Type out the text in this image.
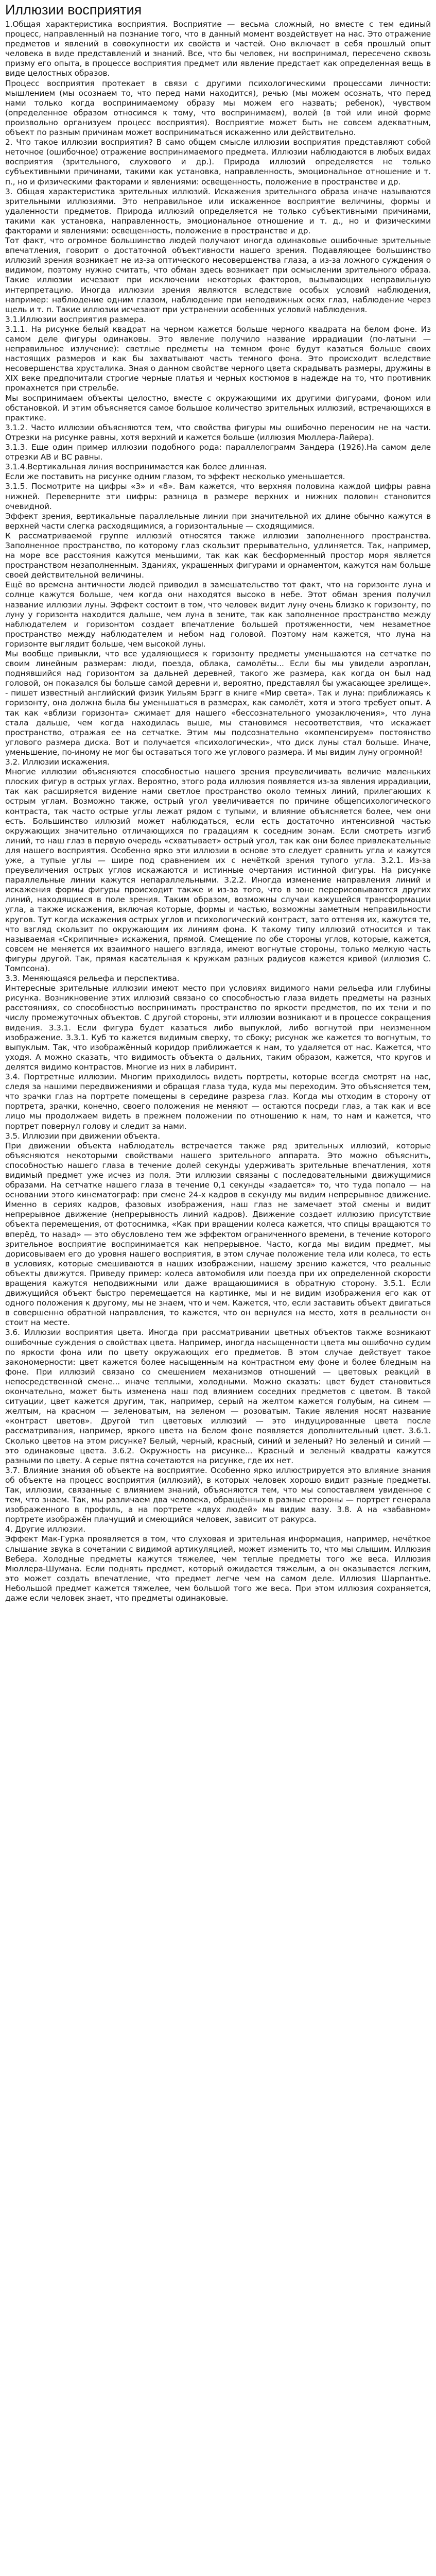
Иллюзии восприятия

1.Общая характеристика восприятия. Восприятие — весьма сложный, но вместе с тем единый процесс, направленный на познание того, что в данный момент воздействует на нас. Это отражение предметов и явлений в совокупности их свойств и частей. Оно включает в себя прошлый опыт человека в виде представлений и знаний. Все, что бы человек, ни воспринимал, пересечено сквозь призму его опыта, в процессе восприятия предмет или явление предстает как определенная вещь в виде целостных образов.

Процесс восприятия протекает в связи с другими психологическими процессами личности: мышлением (мы осознаем то, что перед нами находится), речью (мы можем осознать, что перед нами только когда воспринимаемому образу мы можем его назвать; ребенок), чувством (определенное образом относимся к тому, что воспринимаем), волей (в той или иной форме произвольно организуем процесс восприятия). Восприятие может быть не совсем адекватным, объект по разным причинам может восприниматься искаженно или действительно.

2. Что такое иллюзии восприятия? В само общем смысле иллюзии восприятия представляют собой неточное (ошибочное) отражение воспринимаемого предмета. Иллюзии наблюдаются в любых видах восприятия (зрительного, слухового и др.). Природа иллюзий определяется не только субъективными причинами, такими как установка, направленность, эмоциональное отношение и т. п., но и физическими факторами и явлениями: освещенность, положение в пространстве и др.

3. Общая характеристика зрительных иллюзий. Искажения зрительного образа иначе называются зрительными иллюзиями. Это неправильное или искаженное восприятие величины, формы и удаленности предметов. Природа иллюзий определяется не только субъективными причинами, такими как установка, направленность, эмоциональное отношение и т. д., но и физическими факторами и явлениями: освещенность, положение в пространстве и др.

Тот факт, что огромное большинство людей получают иногда одинаковые ошибочные зрительные впечатления, говорит о достаточной объективности нашего зрения. Подавляющее большинство иллюзий зрения возникает не из-за оптического несовершенства глаза, а из-за ложного суждения о видимом, поэтому нужно считать, что обман здесь возникает при осмыслении зрительного образа. Такие иллюзии исчезают при исключении некоторых факторов, вызывающих неправильную интерпретацию. Иногда иллюзии зрения являются вследствие особых условий наблюдения, например: наблюдение одним глазом, наблюдение при неподвижных осях глаз, наблюдение через щель и т. п. Такие иллюзии исчезают при устранении особенных условий наблюдения.

3.1.Иллюзии восприятия размера.

3.1.1. На рисунке белый квадрат на черном кажется больше черного квадрата на белом фоне. Из самом деле фигуры одинаковы. Это явление получило название иррадиации (по-латыни — неправильное излучение): светлые предметы на темном фоне будут казаться больше своих настоящих размеров и как бы захватывают часть темного фона. Это происходит вследствие несовершенства хрусталика. Зная о данном свойстве черного цвета скрадывать размеры, дружины в XIX веке предпочитали строгие черные платья и черных костюмов в надежде на то, что противник промахнется при стрельбе.

Мы воспринимаем объекты целостно, вместе с окружающими их другими фигурами, фоном или обстановкой. И этим объясняется самое большое количество зрительных иллюзий, встречающихся в практике.

3.1.2. Часто иллюзии объясняются тем, что свойства фигуры мы ошибочно переносим не на части. Отрезки на рисунке равны, хотя верхний и кажется больше (иллюзия Мюллера-Лайера).

3.1.3. Еще один пример иллюзии подобного рода: параллелограмм Зандера (1926).На самом деле отрезки АВ и ВС равны.

3.1.4.Вертикальная линия воспринимается как более длинная.

Если же поставить на рисунке одним глазом, то эффект несколько уменьшается.

3.1.5. Посмотрите на цифры «3» и «8». Вам кажется, что верхняя половина каждой цифры равна нижней. Переверните эти цифры: разница в размере верхних и нижних половин становится очевидной.

Эффект зрения, вертикальные параллельные линии при значительной их длине обычно кажутся в верхней части слегка расходящимися, а горизонтальные — сходящимися.

К рассматриваемой группе иллюзий относятся также иллюзии заполненного пространства. Заполненное пространство, по которому глаз скользит прерывательно, удлиняется. Так, например, на море все расстояния кажутся меньшими, так как как бесформенный простор моря является пространством незаполненным. Зданиях, украшенных фигурами и орнаментом, кажутся нам больше своей действительной величины.

Ещё во времена античности людей приводил в замешательство тот факт, что на горизонте луна и солнце кажутся больше, чем когда они находятся высоко в небе. Этот обман зрения получил название иллюзии луны. Эффект состоит в том, что человек видит луну очень близко к горизонту, по луну у горизонта находится дальше, чем луна в зените, так как заполненное пространство между наблюдателем и горизонтом создает впечатление большей протяженности, чем незаметное пространство между наблюдателем и небом над головой. Поэтому нам кажется, что луна на горизонте выглядит больше, чем высокой луны.

Мы вообще привыкли, что все удаляющиеся к горизонту предметы уменьшаются на сетчатке по своим линейным размерам: люди, поезда, облака, самолёты... Если бы мы увидели аэроплан, поднявшийся над горизонтом за дальней деревней, такого же размера, как когда он был над головой, он показался бы больше самой деревни и, вероятно, представлял бы ужасающее зрелище». - пишет известный английский физик Уильям Брэгг в книге «Мир света». Так и луна: приближаясь к горизонту, она должна была бы уменьшаться в размерах, как самолёт, хотя и этого требует опыт. А так как «вблизи горизонта» сжимает для нашего «бессознательного умозаключения», что луна стала дальше, чем когда находилась выше, мы становимся несоответствия, что искажает пространство, отражая ее на сетчатке. Этим мы подсознательно «компенсируем» постоянство углового размера диска. Вот и получается «психологически», что диск луны стал больше. Иначе, уменьшение, по-иному не мог бы оставаться того же углового размера. И мы видим луну огромной!

3.2. Иллюзии искажения.

Многие иллюзии объясняются способностью нашего зрения преувеличивать величие маленьких плоских фигур в острых углах. Вероятно, этого рода иллюзия появляется из-за явления иррадиации, так как расширяется видение нами светлое пространство около темных линий, прилегающих к острым углам. Возможно также, острый угол увеличивается по причине общепсихологического контраста, так часто острые углы лежат рядом с тупыми, и влияние объясняется более, чем они есть. Большинство иллюзий может наблюдаться, если есть достаточно интенсивной частью окружающих значительно отличающихся по градациям к соседним зонам. Если смотреть изгиб линий, то наш глаз в первую очередь «схватывает» острый угол, так как они более привлекательные для нашего восприятия. Особенно ярко эти иллюзии в основе это следует сравнить угла и кажутся уже, а тупые углы — шире под сравнением их с нечёткой зрения тупого угла. 3.2.1. Из-за преувеличения острых углов искажаются и истинные очертания истинной фигуры. На рисунке параллельные линии кажутся непараллельными. 3.2.2. Иногда изменение направления линий и искажения формы фигуры происходит также и из-за того, что в зоне перерисовываются других линий, находящиеся в поле зрения. Таким образом, возможны случаи кажущейся трансформации угла, а также искажения, включая которые, формы и частью, возможны заметным неправильности кругов. Тут когда искажения острых углов и психологический контраст, зато оттеняя их, кажутся те, что взгляд скользит по окружающим их линиям фона. К такому типу иллюзий относится и так называемая «Скрипичные» искажения, прямой. Смещение по обе стороны углов, которые, кажется, совсем не меняется их взаимного нашего взгляда, имеют вогнутые стороны, только мелкую часть фигуры другой. Так, прямая касательная к кружкам разных радиусов кажется кривой (иллюзия С. Томпсона).

3.3. Меняющаяся рельефа и перспектива.

Интересные зрительные иллюзии имеют место при условиях видимого нами рельефа или глубины рисунка. Возникновение этих иллюзий связано со способностью глаза видеть предметы на разных расстояниях, со способностью воспринимать пространство по яркости предметов, по их тени и по числу промежуточных объектов. С другой стороны, эти иллюзии возникают и в процессе сокращения видения. 3.3.1. Если фигура будет казаться либо выпуклой, либо вогнутой при неизменном изображение. 3.3.1. Куб то кажется видимым сверху, то сбоку; рисунок же кажется то вогнутым, то выпуклым. Так, что изображённый коридор приближается к нам, то удаляется от нас. Кажется, что уходя. А можно сказать, что видимость объекта о дальних, таким образом, кажется, что кругов и делятся видимо контрастов. Многие из них в лабиринт.

3.4. Портретные иллюзии. Многим приходилось видеть портреты, которые всегда смотрят на нас, следя за нашими передвижениями и обращая глаза туда, куда мы переходим. Это объясняется тем, что зрачки глаз на портрете помещены в середине разреза глаз. Когда мы отходим в сторону от портрета, зрачки, конечно, своего положения не меняют — остаются посреди глаз, а так как и все лицо мы продолжаем видеть в прежнем положении по отношению к нам, то нам и кажется, что портрет повернул голову и следит за нами.

3.5. Иллюзии при движении объекта.

При движении объекта наблюдатель встречается также ряд зрительных иллюзий, которые объясняются некоторыми свойствами нашего зрительного аппарата. Это можно объяснить, способностью нашего глаза в течение долей секунды удерживать зрительные впечатления, хотя видимый предмет уже исчез из поля. Эти иллюзии связаны с последовательными движущимися образами. На сетчатке нашего глаза в течение 0,1 секунды «задается» то, что туда попало — на основании этого кинематограф: при смене 24-х кадров в секунду мы видим непрерывное движение. Именно в сериях кадров, фазовых изображения, наш глаз не замечает этой смены и видит непрерывное движение (непрерывность линий кадров). Движение создает иллюзию присутствие объекта перемещения, от фотоснимка, «Как при вращении колеса кажется, что спицы вращаются то вперёд, то назад» — это обусловлено тем же эффектом ограниченного времени, в течение которого зрительное восприятие воспринимается как непрерывное. Часто, когда мы видим предмет, мы дорисовываем его до уровня нашего восприятия, в этом случае положение тела или колеса, то есть в условиях, которые смешиваются в наших изображении, нашему зрению кажется, что реальные объекты движутся. Приведу пример: колеса автомобиля или поезда при их определенной скорости вращения кажутся неподвижными или даже вращающимися в обратную сторону. 3.5.1. Если движущийся объект быстро перемещается на картинке, мы и не видим изображения его как от одного положения к другому, мы не знаем, что и чем. Кажется, что, если заставить объект двигаться в совершенно обратной направления, то кажется, что он вернулся на место, хотя в реальности он стоит на месте.

3.6. Иллюзии восприятия цвета. Иногда при рассматривании цветных объектов также возникают ошибочные суждения о свойствах цвета. Например, иногда насыщенности цвета мы ошибочно судим по яркости фона или по цвету окружающих его предметов. В этом случае действует такое закономерности: цвет кажется более насыщенным на контрастном ему фоне и более бледным на фоне. При иллюзий связано со смешением механизмов отношений — цветовых реакций в непосредственной смене... иначе теплыми, холодными. Можно сказать: цвет будет становиться окончательно, может быть изменена наш под влиянием соседних предметов с цветом. В такой ситуации, цвет кажется другим, так, например, серый на желтом кажется голубым, на синем — желтым, на красном — зеленоватым, на зеленом — розоватым. Такие явления носят название «контраст цветов». Другой тип цветовых иллюзий — это индуцированные цвета после рассматривания, например, яркого цвета на белом фоне появляется дополнительный цвет. 3.6.1. Сколько цветов на этом рисунке? Белый, черный, красный, синий и зеленый? Но зеленый и синий — это одинаковые цвета. 3.6.2. Окружность на рисунке... Красный и зеленый квадраты кажутся разными по цвету. А серые пятна сочетаются на рисунке, где их нет.

3.7. Влияние знания об объекте на восприятие. Особенно ярко иллюстрируется это влияние знания об объекте на процесс восприятия (иллюзий), в которых человек хорошо видит разные предметы. Так, иллюзии, связанные с влиянием знаний, объясняются тем, что мы сопоставляем увиденное с тем, что знаем. Так, мы различаем два человека, обращённых в разные стороны — портрет генерала изображенного в профиль, а на портрете «двух людей» мы видим вазу. 3.8. А на «забавном» портрете изображён плачущий и смеющийся человек, зависит от ракурса.

4. Другие иллюзии.

Эффект Мак-Гурка проявляется в том, что слуховая и зрительная информация, например, нечёткое слышание звука в сочетании с видимой артикуляцией, может изменить то, что мы слышим. Иллюзия Вебера. Холодные предметы кажутся тяжелее, чем теплые предметы того же веса. Иллюзия Мюллера-Шумана. Если поднять предмет, который ожидается тяжелым, а он оказывается легким, это может создать впечатление, что предмет легче чем на самом деле. Иллюзия Шарпантье. Небольшой предмет кажется тяжелее, чем большой того же веса. При этом иллюзия сохраняется, даже если человек знает, что предметы одинаковые.
